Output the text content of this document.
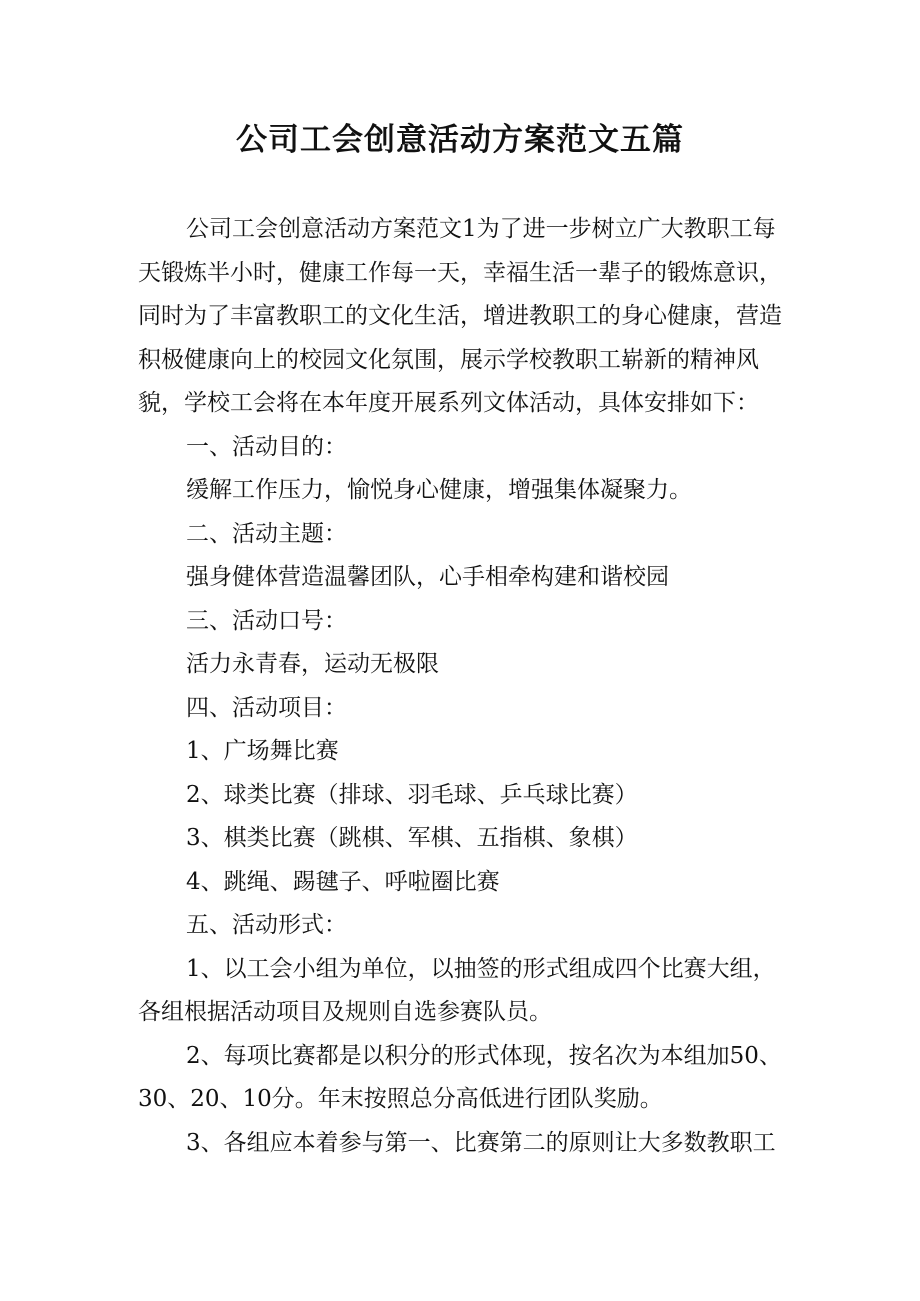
公司工会创意活动方案范文五篇

公司工会创意活动方案范文1为了进一步树立广大教职工每天锻炼半小时，健康工作每一天，幸福生活一辈子的锻炼意识，同时为了丰富教职工的文化生活，增进教职工的身心健康，营造积极健康向上的校园文化氛围，展示学校教职工崭新的精神风貌，学校工会将在本年度开展系列文体活动，具体安排如下：

一、活动目的：

缓解工作压力，愉悦身心健康，增强集体凝聚力。

二、活动主题：

强身健体营造温馨团队，心手相牵构建和谐校园

三、活动口号：

活力永青春，运动无极限

四、活动项目：

1、广场舞比赛

2、球类比赛（排球、羽毛球、乒乓球比赛）

3、棋类比赛（跳棋、军棋、五指棋、象棋）

4、跳绳、踢毽子、呼啦圈比赛

五、活动形式：

1、以工会小组为单位，以抽签的形式组成四个比赛大组，各组根据活动项目及规则自选参赛队员。

2、每项比赛都是以积分的形式体现，按名次为本组加50、30、20、10分。年末按照总分高低进行团队奖励。

3、各组应本着参与第一、比赛第二的原则让大多数教职工
